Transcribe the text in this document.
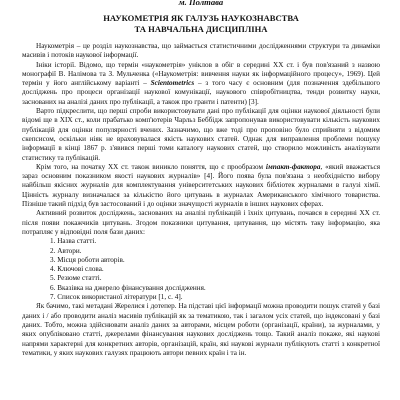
м. Полтава
НАУКОМЕТРІЯ ЯК ГАЛУЗЬ НАУКОЗНАВСТВА
ТА НАВЧАЛЬНА ДИСЦИПЛІНА

Наукометрія – це розділ наукознавства, що займається статистичними дослідженнями структури та динаміки масивів і потоків наукової інформації.

Ініки історії. Відомо, що термін «наукометрія» уніклов в обіг в середині XX ст. і був пов'язаний з назвою монографії В. Налімова та З. Мульченка («Наукометрія: вивчення науки як інформаційного процесу», 1969). Цей термін у його англійському варіанті – Scientometrics – з того часу є основним (для позначення здебільшого досліджень про процеси організації наукової комунікації, наукового співробітництва, тенди розвитку науки, заснованих на аналізі даних про публікації, а також про гранти і патенти) [3].

Варто підкреслити, що перші спроби використовувати дані про публікації для оцінки наукової діяльності були відомі ще в XIX ст., коли прабатько комп'ютерів Чарльз Беббідж запропонував використовувати кількість наукових публікацій для оцінки популярності вчених. Зазначимо, що вже тоді про проповіно було сприйняти з відомим скепсисом, оскільки ніяк не враховувалася якість наукових статей. Однак для виправлення проблеми пошуку інформації в кінці 1867 р. з'явився перші томи каталогу наукових статей, що створило можливість аналізувати статистику та публікацій.

Крім того, на початку XX ст. також виникло поняття, що є прообразом імпакт-фактора, «який вважається зараз основним показником якості наукових журналів» [4]. Його поява була пов'язана з необхідністю вибору найбільш якісних журналів для комплектування університетських наукових бібліотек журналами в галузі хімії. Цінність журналу визначалася за кількістю його цитувань в журналах Американського хімічного товариства. Пізніше такий підхід був застосований і до оцінки значущості журналів в інших наукових сферах.

Активний розвиток досліджень, заснованих на аналізі публікацій і їхніх цитувань, почався в середині XX ст. після появи покажчиків цитувань. Згодом показники цитування, цитування, що містять таку інформацію, яка потрапляє у відповідні поля бази даних:

1. Назва статті.
2. Автори.
3. Місця роботи авторів.
4. Ключові слова.
5. Резюме статті.
6. Вказівка на джерело фінансування дослідження.
7. Список використаної літератури [1, с. 4].

Як бачимо, такі метадані Жерелися і дотепер. На підставі цієї інформації можна проводити пошук статей у базі даних і / або проводити аналіз масивів публікацій як за тематикою, так і загалом усіх статей, що індексовані у базі даних. Тобто, можна здійснювати аналіз даних за авторами, місцем роботи (організації, країни), за журналами, у яких опубліковано статті, джерелами фінансування наукових досліджень тощо. Такий аналіз покаже, які наукові напрями характерні для конкретних авторів, організацій, країн, які наукові журнали публікують статті з конкретної тематики, у яких наукових галузях працюють автори певних країн і та ін.
